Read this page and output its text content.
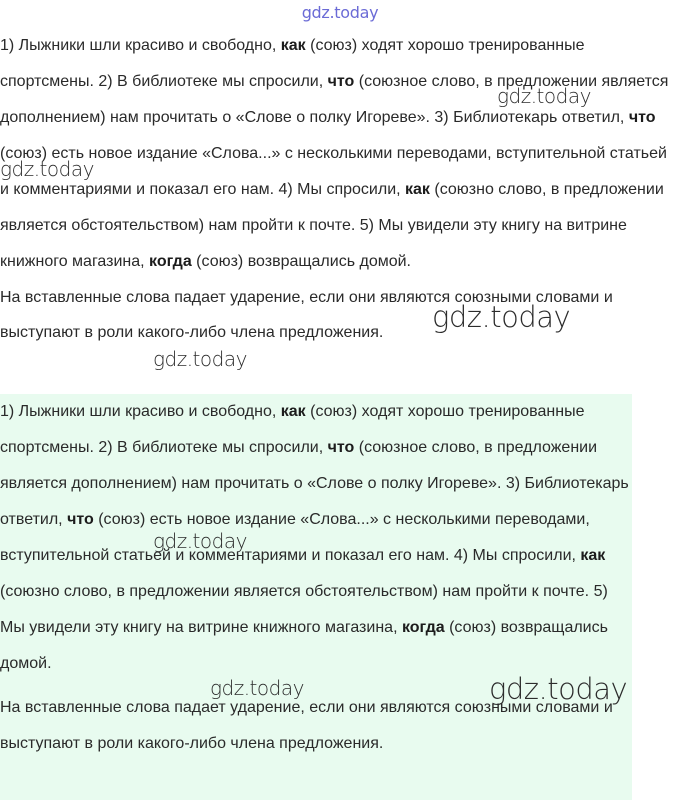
gdz.today

1) Лыжники шли красиво и свободно, как (союз) ходят хорошо тренированные спортсмены. 2) В библиотеке мы спросили, что (союзное слово, в предложении является дополнением) нам прочитать о «Слове о полку Игореве». 3) Библиотекарь ответил, что (союз) есть новое издание «Слова...» с несколькими переводами, вступительной статьей и комментариями и показал его нам. 4) Мы спросили, как (союзно слово, в предложении является обстоятельством) нам пройти к почте. 5) Мы увидели эту книгу на витрине книжного магазина, когда (союз) возвращались домой.

На вставленные слова падает ударение, если они являются союзными словами и выступают в роли какого-либо члена предложения.

1) Лыжники шли красиво и свободно, как (союз) ходят хорошо тренированные спортсмены. 2) В библиотеке мы спросили, что (союзное слово, в предложении является дополнением) нам прочитать о «Слове о полку Игореве». 3) Библиотекарь ответил, что (союз) есть новое издание «Слова...» с несколькими переводами, вступительной статьей и комментариями и показал его нам. 4) Мы спросили, как (союзно слово, в предложении является обстоятельством) нам пройти к почте. 5) Мы увидели эту книгу на витрине книжного магазина, когда (союз) возвращались домой.

На вставленные слова падает ударение, если они являются союзными словами и выступают в роли какого-либо члена предложения.

gdz.today
gdz.today
gdz.today
gdz.today
gdz.today
gdz.today	gdz.today
